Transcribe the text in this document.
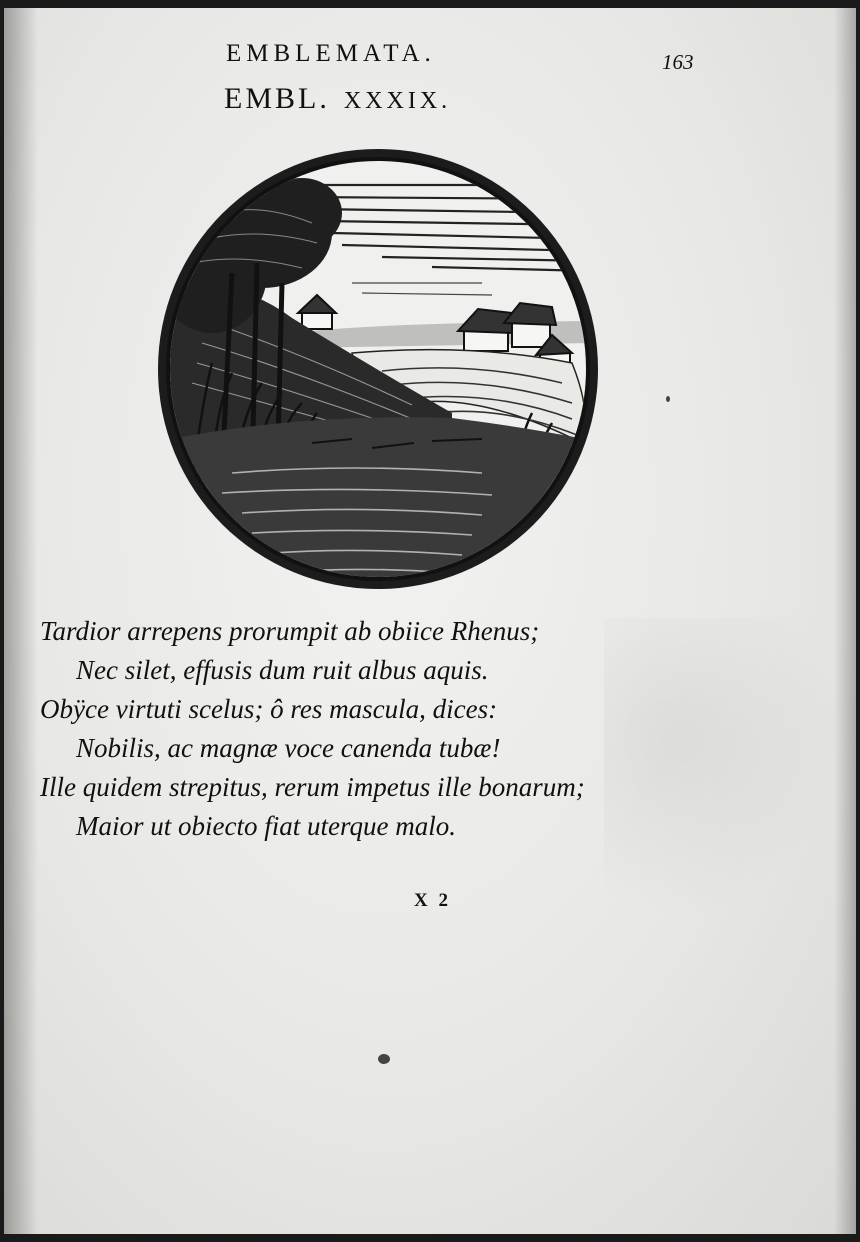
EMBLEMATA.	163
EMBL. XXXIX.
Tardior arrepens prorumpit ab obiice Rhenus;
Nec silet, effusis dum ruit albus aquis.
Obÿce virtuti scelus; ô res mascula, dices:
Nobilis, ac magnæ voce canenda tubæ!
Ille quidem strepitus, rerum impetus ille bonarum;
Maior ut obiecto fiat uterque malo.
X 2
